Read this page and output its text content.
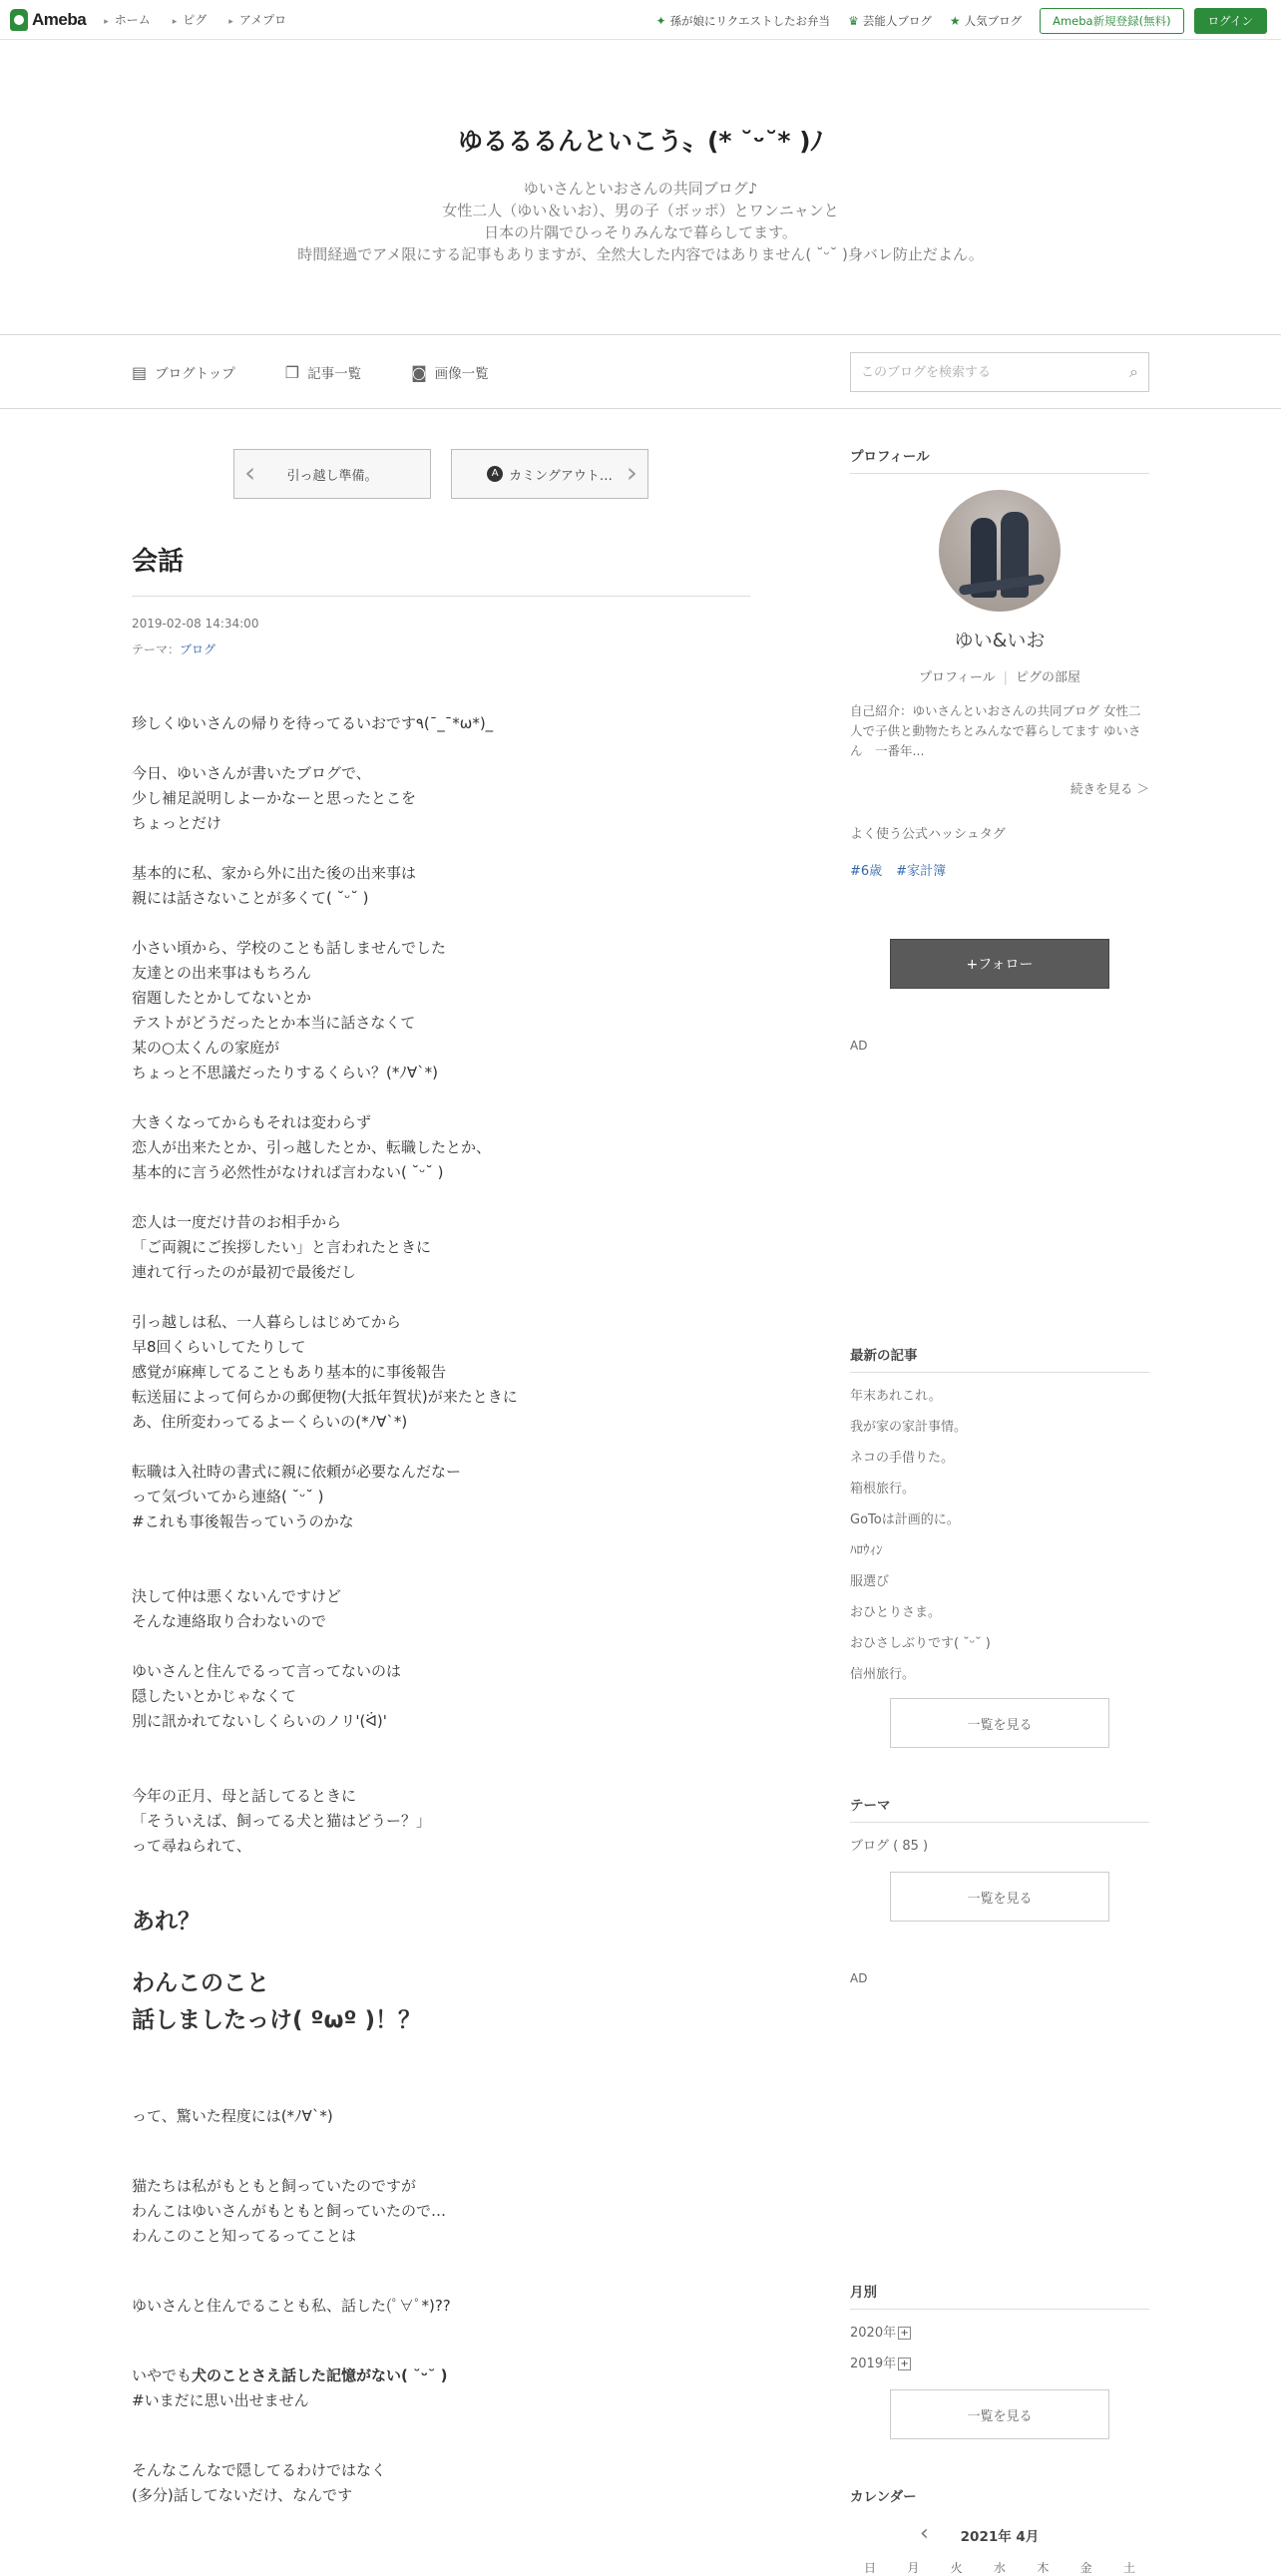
Ameba	▸ ホーム	▸ ピグ	▸ アメプロ	✦ 孫が娘にリクエストしたお弁当 ♛ 芸能人ブログ ★ 人気ブログ	Ameba新規登録(無料)	ログイン
ゆるるるんといこう〟(* ˘ᵕ˘* )ﾉ

ゆいさんといおさんの共同ブログ♪

女性二人（ゆい＆いお）、男の子（ボッポ）とワンニャンと

日本の片隅でひっそりみんなで暮らしてます。

時間経過でアメ限にする記事もありますが、全然大した内容ではありません( ˘ᵕ˘ )身バレ防止だよん。

▤ ブログトップ	❐ 記事一覧	◙ 画像一覧
このブログを検索する	⌕
‹ 引っ越し準備。	A カミングアウト…
›
会話
2019-02-08 14:34:00
テーマ：ブログ

珍しくゆいさんの帰りを待ってるいおです٩(¯_¯*ω*)_

今日、ゆいさんが書いたブログで、
少し補足説明しよーかなーと思ったとこを
ちょっとだけ

基本的に私、家から外に出た後の出来事は
親には話さないことが多くて( ˘ᵕ˘ )

小さい頃から、学校のことも話しませんでした
友達との出来事はもちろん
宿題したとかしてないとか
テストがどうだったとか本当に話さなくて
某の○太くんの家庭が
ちょっと不思議だったりするくらい？(*ﾉ∀`*)

大きくなってからもそれは変わらず
恋人が出来たとか、引っ越したとか、転職したとか、
基本的に言う必然性がなければ言わない( ˘ᵕ˘ )

恋人は一度だけ昔のお相手から
「ご両親にご挨拶したい」と言われたときに
連れて行ったのが最初で最後だし

引っ越しは私、一人暮らしはじめてから
早8回くらいしてたりして
感覚が麻痺してることもあり基本的に事後報告
転送届によって何らかの郵便物(大抵年賀状)が来たときに
あ、住所変わってるよーくらいの(*ﾉ∀`*)

転職は入社時の書式に親に依頼が必要なんだなー
って気づいてから連絡( ˘ᵕ˘ )
#これも事後報告っていうのかな

決して仲は悪くないんですけど
そんな連絡取り合わないので

ゆいさんと住んでるって言ってないのは
隠したいとかじゃなくて
別に訊かれてないしくらいのノリ'(ᐛ)'

今年の正月、母と話してるときに
「そういえば、飼ってる犬と猫はどうー？」
って尋ねられて、

あれ？
わんこのこと
話しましたっけ( ºωº )！？

って、驚いた程度には(*ﾉ∀`*)

猫たちは私がもともと飼っていたのですが
わんこはゆいさんがもともと飼っていたので…
わんこのこと知ってるってことは

ゆいさんと住んでることも私、話した(ﾟ∀ﾟ*)??

いやでも犬のことさえ話した記憶がない( ˘ᵕ˘ )
#いまだに思い出せません

そんなこんなで隠してるわけではなく
(多分)話してないだけ、なんです

プロフィール
ゆい&いお
プロフィール | ピグの部屋
自己紹介：ゆいさんといおさんの共同ブログ 女性二人で子供と動物たちとみんなで暮らしてます ゆいさん　一番年...
続きを見る ＞
よく使う公式ハッシュタグ
#6歳 #家計簿
+フォロー
AD
最新の記事
年末あれこれ。
我が家の家計事情。
ネコの手借りた。
箱根旅行。
GoToは計画的に。
ﾊﾛｳｨﾝ
服選び
おひとりさま。
おひさしぶりです( ˘ᵕ˘ )
信州旅行。
一覧を見る
テーマ
ブログ ( 85 )
一覧を見る
AD
月別
2020年 +
2019年 +
一覧を見る
カレンダー
‹ 2021年 4月
日	月	火	水	木	金	土
